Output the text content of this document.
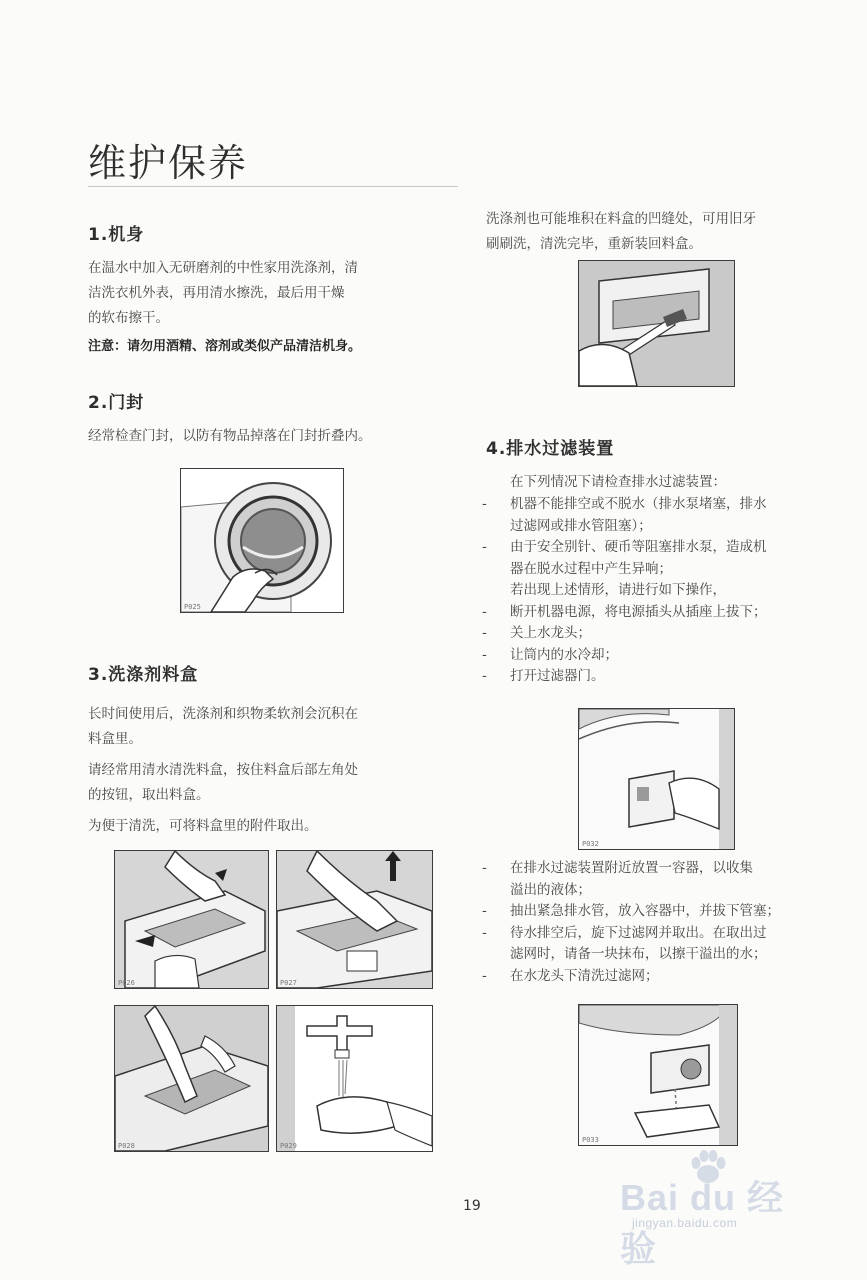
维护保养
1.机身

在温水中加入无研磨剂的中性家用洗涤剂，清

洁洗衣机外表，再用清水擦洗，最后用干燥

的软布擦干。

注意：请勿用酒精、溶剂或类似产品清洁机身。
2.门封

经常检查门封，以防有物品掉落在门封折叠内。

P025
3.洗涤剂料盒

长时间使用后，洗涤剂和织物柔软剂会沉积在

料盒里。

请经常用清水清洗料盒，按住料盒后部左角处

的按钮，取出料盒。

为便于清洗，可将料盒里的附件取出。

P026	P027
P028	P029

洗涤剂也可能堆积在料盒的凹缝处，可用旧牙

刷刷洗，清洗完毕，重新装回料盒。

4.排水过滤装置
在下列情况下请检查排水过滤装置：
- 机器不能排空或不脱水（排水泵堵塞，排水
过滤网或排水管阻塞）；
- 由于安全别针、硬币等阻塞排水泵，造成机
器在脱水过程中产生异响；
若出现上述情形，请进行如下操作，
- 断开机器电源，将电源插头从插座上拔下；
- 关上水龙头；
- 让筒内的水冷却；
- 打开过滤器门。
P032
- 在排水过滤装置附近放置一容器，以收集
溢出的液体；
- 抽出紧急排水管，放入容器中，并拔下管塞；
- 待水排空后，旋下过滤网并取出。在取出过
滤网时，请备一块抹布，以擦干溢出的水；
- 在水龙头下清洗过滤网；
P033
19	Bai du 经验
jingyan.baidu.com
